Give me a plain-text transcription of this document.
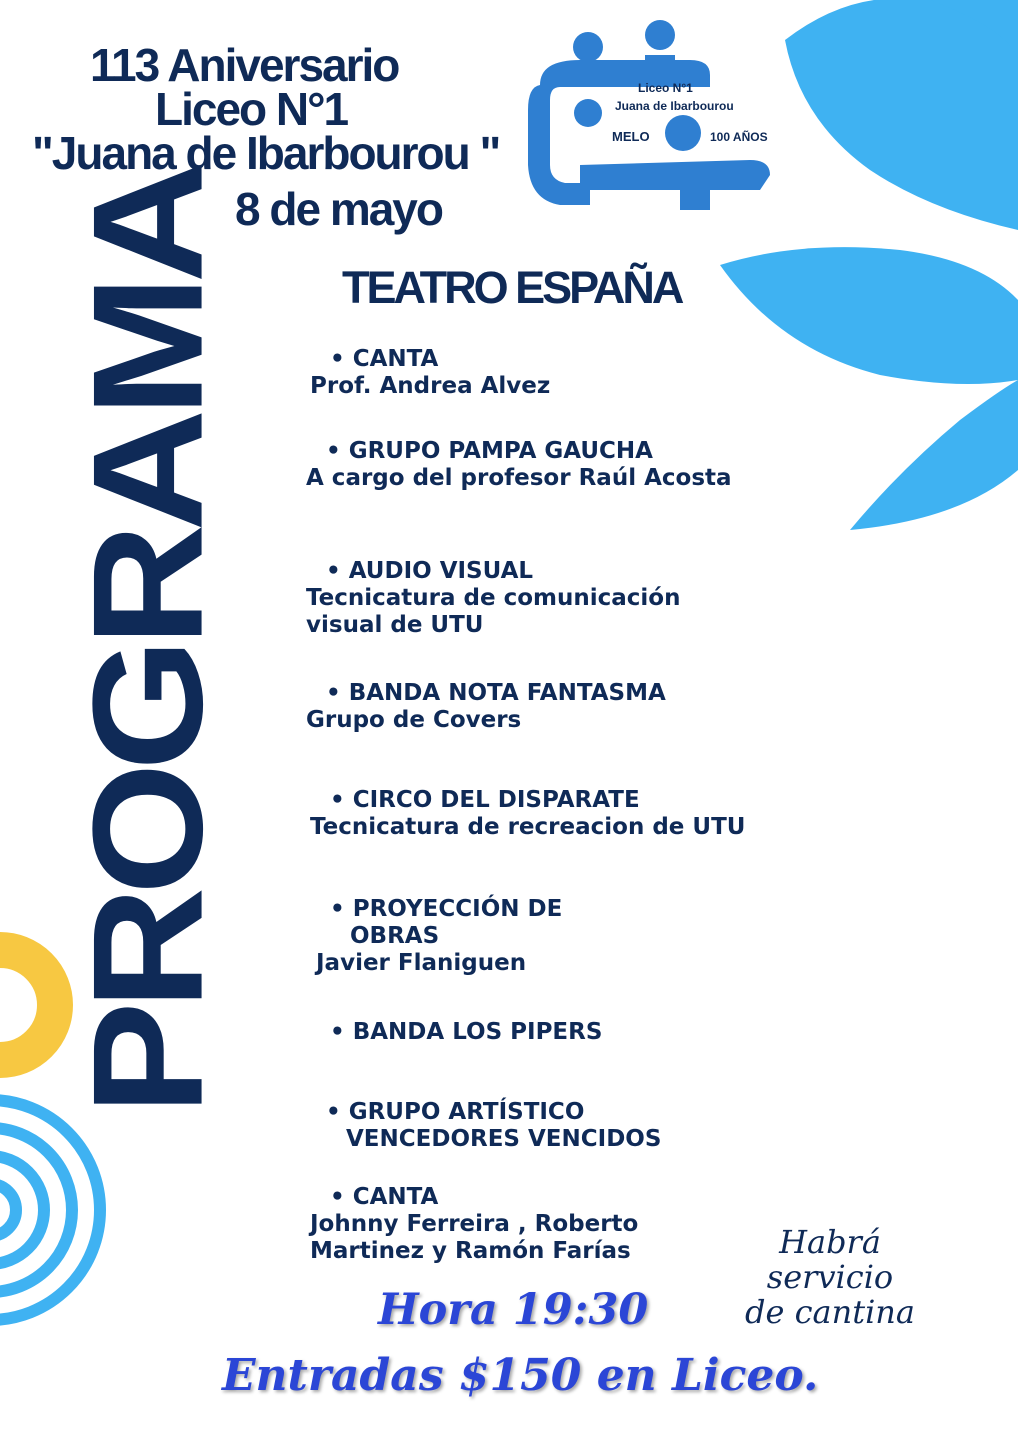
113 Aniversario
Liceo N°1
"Juana de Ibarbourou "
8 de mayo
Liceo N°1
Juana de Ibarbourou
MELO	100 AÑOS
PROGRAMA TEATRO ESPAÑA
• CANTA
Prof. Andrea Alvez
• GRUPO PAMPA GAUCHA
A cargo del profesor Raúl Acosta
• AUDIO VISUAL
Tecnicatura de comunicación
visual de UTU
• BANDA NOTA FANTASMA
Grupo de Covers
• CIRCO DEL DISPARATE
Tecnicatura de recreacion de UTU
• PROYECCIÓN DE
OBRAS
Javier Flaniguen
• BANDA LOS PIPERS
• GRUPO ARTÍSTICO
VENCEDORES VENCIDOS
• CANTA
Johnny Ferreira , Roberto
Martinez y Ramón Farías	Habrá
servicio
de cantina
Hora 19:30
Entradas $150 en Liceo.
